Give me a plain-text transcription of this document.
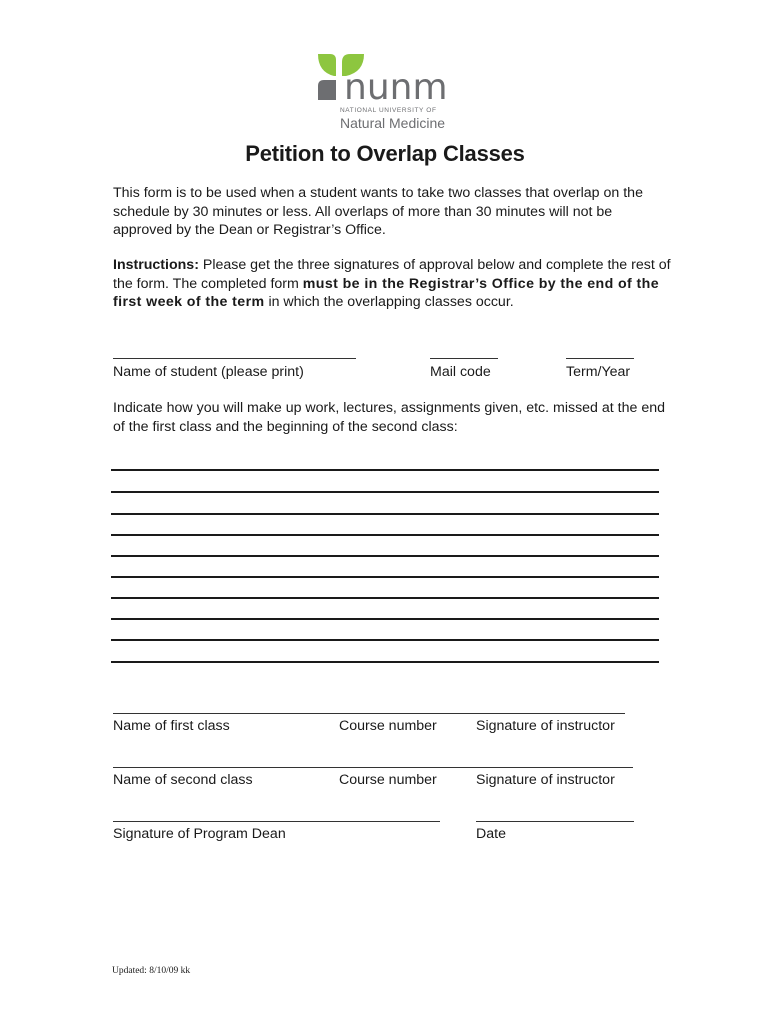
nunm
NATIONAL UNIVERSITY OF
Natural Medicine
Petition to Overlap Classes
This form is to be used when a student wants to take two classes that overlap on the schedule by 30 minutes or less. All overlaps of more than 30 minutes will not be approved by the Dean or Registrar’s Office.
Instructions: Please get the three signatures of approval below and complete the rest of the form. The completed form must be in the Registrar’s Office by the end of the first week of the term in which the overlapping classes occur.
Name of student (please print)	Mail code	Term/Year
Indicate how you will make up work, lectures, assignments given, etc. missed at the end of the first class and the beginning of the second class:
Name of first class	Course number	Signature of instructor
Name of second class	Course number	Signature of instructor
Signature of Program Dean	Date
Updated: 8/10/09 kk
